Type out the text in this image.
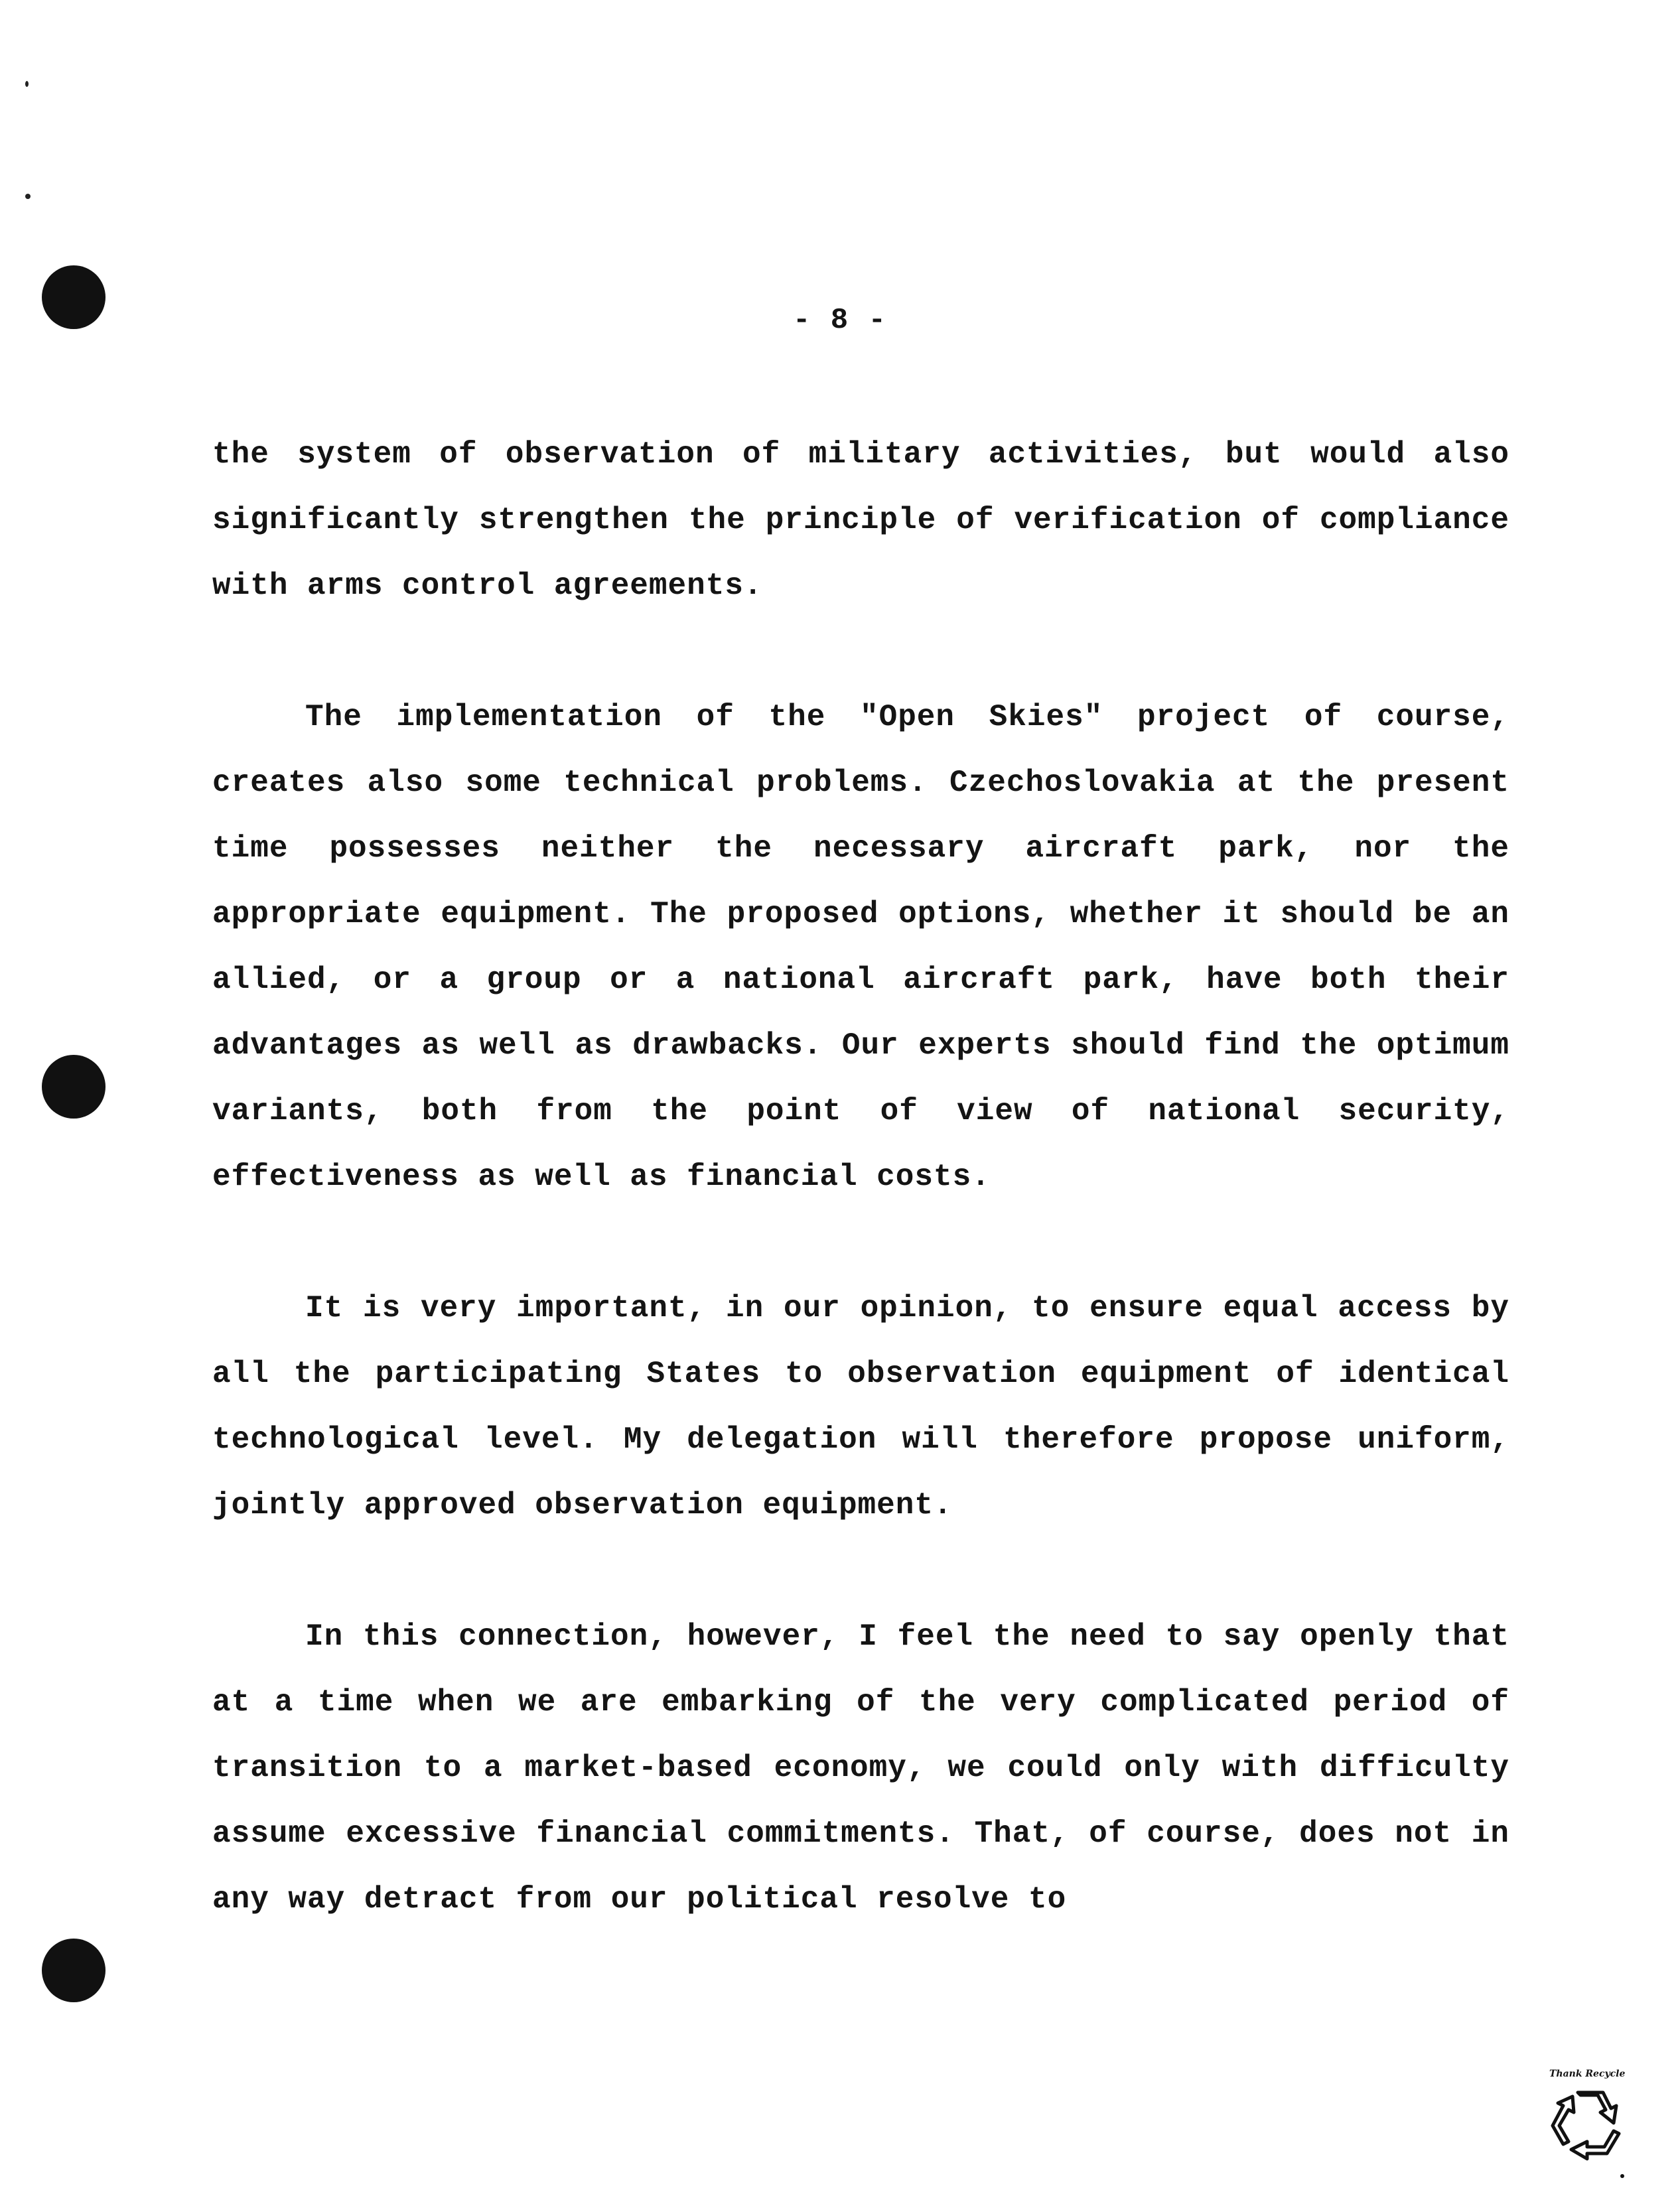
- 8 -

the system of observation of military activities, but would also significantly strengthen the principle of verification of compliance with arms control agreements.

The implementation of the "Open Skies" project of course, creates also some technical problems. Czechoslovakia at the present time possesses neither the necessary aircraft park, nor the appropriate equipment. The proposed options, whether it should be an allied, or a group or a national aircraft park, have both their advantages as well as drawbacks. Our experts should find the optimum variants, both from the point of view of national security, effectiveness as well as financial costs.

It is very important, in our opinion, to ensure equal access by all the participating States to observation equipment of identical technological level. My delegation will therefore propose uniform, jointly approved observation equipment.

In this connection, however, I feel the need to say openly that at a time when we are embarking of the very complicated period of transition to a market-based economy, we could only with difficulty assume excessive financial commitments. That, of course, does not in any way detract from our political resolve to

Thank Recycle
